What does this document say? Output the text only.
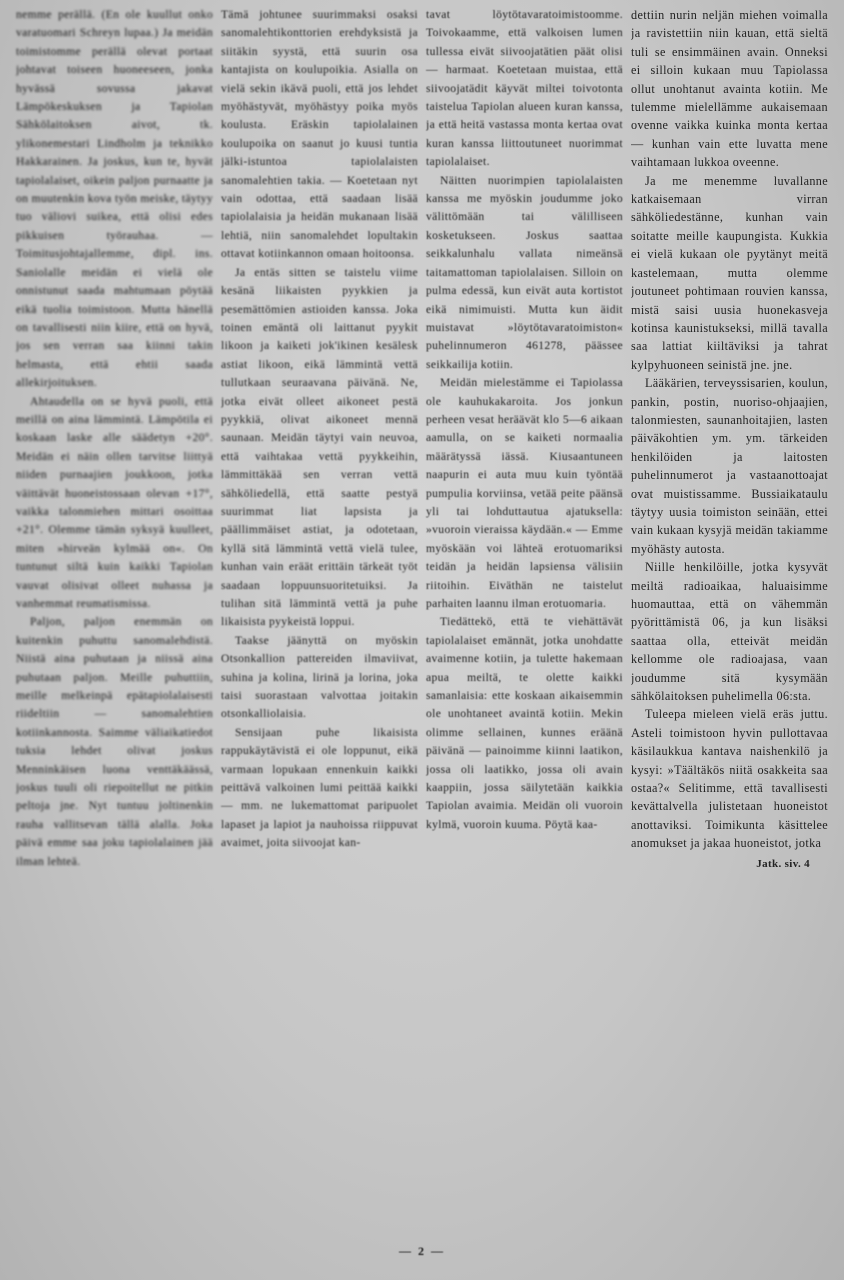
nemme perällä. (En ole kuullut onko varatuomari Schreyn lupaa.) Ja meidän toimistomme perällä olevat portaat johtavat toiseen huoneeseen, jonka hyvässä sovussa jakavat Lämpökeskuksen ja Tapiolan Sähkölaitoksen aivot, tk. ylikonemestari Lindholm ja teknikko Hakkarainen. Ja joskus, kun te, hyvät tapiolalaiset, oikein paljon purnaatte ja on muutenkin kova työn meiske, täytyy tuo väliovi suikea, että olisi edes pikkuisen työrauhaa. — Toimitusjohtajallemme, dipl. ins. Saniolalle meidän ei vielä ole onnistunut saada mahtumaan pöytää eikä tuolia toimistoon. Mutta hänellä on tavallisesti niin kiire, että on hyvä, jos sen verran saa kiinni takin helmasta, että ehtii saada allekirjoituksen.

Ahtaudella on se hyvä puoli, että meillä on aina lämmintä. Lämpötila ei koskaan laske alle säädetyn +20°. Meidän ei näin ollen tarvitse liittyä niiden purnaajien joukkoon, jotka väittävät huoneistossaan olevan +17°, vaikka talonmiehen mittari osoittaa +21°. Olemme tämän syksyä kuulleet, miten »hirveän kylmää on«. On tuntunut siltä kuin kaikki Tapiolan vauvat olisivat olleet nuhassa ja vanhemmat reumatismissa.

Paljon, paljon enemmän on kuitenkin puhuttu sanomalehdistä. Niistä aina puhutaan ja niissä aina puhutaan paljon. Meille puhuttiin, meille melkeinpä epätapiolalaisesti riideltiin — sanomalehtien kotiinkannosta. Saimme väliaikatiedot tuksia lehdet olivat joskus Menninkäisen luona venttäkäässä, joskus tuuli oli riepoitellut ne pitkin peltoja jne. Nyt tuntuu joltinenkin rauha vallitsevan tällä alalla. Joka päivä emme saa joku tapiolalainen jää ilman lehteä.

Tämä johtunee suurimmaksi osaksi sanomalehtikonttorien erehdyksistä ja siitäkin syystä, että suurin osa kantajista on koulupoikia. Asialla on vielä sekin ikävä puoli, että jos lehdet myöhästyvät, myöhästyy poika myös koulusta. Eräskin tapiolalainen koulupoika on saanut jo kuusi tuntia jälki-istuntoa tapiolalaisten sanomalehtien takia. — Koetetaan nyt vain odottaa, että saadaan lisää tapiolalaisia ja heidän mukanaan lisää lehtiä, niin sanomalehdet lopultakin ottavat kotiinkannon omaan hoitoonsa.

Ja entäs sitten se taistelu viime kesänä liikaisten pyykkien ja pesemättömien astioiden kanssa. Joka toinen emäntä oli laittanut pyykit likoon ja kaiketi jok'ikinen kesälesk astiat likoon, eikä lämmintä vettä tullutkaan seuraavana päivänä. Ne, jotka eivät olleet aikoneet pestä pyykkiä, olivat aikoneet mennä saunaan. Meidän täytyi vain neuvoa, että vaihtakaa vettä pyykkeihin, lämmittäkää sen verran vettä sähköliedellä, että saatte pestyä suurimmat liat lapsista ja päällimmäiset astiat, ja odotetaan, kyllä sitä lämmintä vettä vielä tulee, kunhan vain eräät erittäin tärkeät työt saadaan loppuunsuoritetuiksi. Ja tulihan sitä lämmintä vettä ja puhe likaisista pyykeistä loppui.

Taakse jäänyttä on myöskin Otsonkallion pattereiden ilmaviivat, suhina ja kolina, lirinä ja lorina, joka taisi suorastaan valvottaa joitakin otsonkalliolaisia.

Sensijaan puhe likaisista rappukäytävistä ei ole loppunut, eikä varmaan lopukaan ennenkuin kaikki peittävä valkoinen lumi peittää kaikki — mm. ne lukemattomat paripuolet lapaset ja lapiot ja nauhoissa riippuvat avaimet, joita siivoojat kan-

tavat löytötavaratoimistoomme. Toivokaamme, että valkoisen lumen tullessa eivät siivoojatätien päät olisi — harmaat. Koetetaan muistaa, että siivoojatädit käyvät miltei toivotonta taistelua Tapiolan alueen kuran kanssa, ja että heitä vastassa monta kertaa ovat kuran kanssa liittoutuneet nuorimmat tapiolalaiset.

Näitten nuorimpien tapiolalaisten kanssa me myöskin joudumme joko välittömään tai välilliseen kosketukseen. Joskus saattaa seikkalunhalu vallata nimeänsä taitamattoman tapiolalaisen. Silloin on pulma edessä, kun eivät auta kortistot eikä nimimuisti. Mutta kun äidit muistavat »löytötavaratoimiston« puhelinnumeron 461278, päässee seikkailija kotiin.

Meidän mielestämme ei Tapiolassa ole kauhukakaroita. Jos jonkun perheen vesat heräävät klo 5—6 aikaan aamulla, on se kaiketi normaalia määrätyssä iässä. Kiusaantuneen naapurin ei auta muu kuin työntää pumpulia korviinsa, vetää peite päänsä yli tai lohduttautua ajatuksella: »vuoroin vieraissa käydään.« — Emme myöskään voi lähteä erotuomariksi teidän ja heidän lapsiensa välisiin riitoihin. Eiväthän ne taistelut parhaiten laannu ilman erotuomaria.

Tiedättekö, että te viehättävät tapiolalaiset emännät, jotka unohdatte avaimenne kotiin, ja tulette hakemaan apua meiltä, te olette kaikki samanlaisia: ette koskaan aikaisemmin ole unohtaneet avaintä kotiin. Mekin olimme sellainen, kunnes eräänä päivänä — painoimme kiinni laatikon, jossa oli laatikko, jossa oli avain kaappiin, jossa säilytetään kaikkia Tapiolan avaimia. Meidän oli vuoroin kylmä, vuoroin kuuma. Pöytä kaa-

dettiin nurin neljän miehen voimalla ja ravistettiin niin kauan, että sieltä tuli se ensimmäinen avain. Onneksi ei silloin kukaan muu Tapiolassa ollut unohtanut avainta kotiin. Me tulemme mielellämme aukaisemaan ovenne vaikka kuinka monta kertaa — kunhan vain ette luvatta mene vaihtamaan lukkoa oveenne.

Ja me menemme luvallanne katkaisemaan virran sähköliedestänne, kunhan vain soitatte meille kaupungista. Kukkia ei vielä kukaan ole pyytänyt meitä kastelemaan, mutta olemme joutuneet pohtimaan rouvien kanssa, mistä saisi uusia huonekasveja kotinsa kaunistukseksi, millä tavalla saa lattiat kiiltäviksi ja tahrat kylpyhuoneen seinistä jne. jne.

Lääkärien, terveyssisarien, koulun, pankin, postin, nuoriso-ohjaajien, talonmiesten, saunanhoitajien, lasten päiväkohtien ym. ym. tärkeiden henkilöiden ja laitosten puhelinnumerot ja vastaanottoajat ovat muistissamme. Bussiaikataulu täytyy uusia toimiston seinään, ettei vain kukaan kysyjä meidän takiamme myöhästy autosta.

Niille henkilöille, jotka kysyvät meiltä radioaikaa, haluaisimme huomauttaa, että on vähemmän pyörittämistä 06, ja kun lisäksi saattaa olla, etteivät meidän kellomme ole radioajasa, vaan joudumme sitä kysymään sähkölaitoksen puhelimella 06:sta.

Tuleepa mieleen vielä eräs juttu. Asteli toimistoon hyvin pullottavaa käsilaukkua kantava naishenkilö ja kysyi: »Täältäkös niitä osakkeita saa ostaa?« Selitimme, että tavallisesti kevättalvella julistetaan huoneistot anottaviksi. Toimikunta käsittelee anomukset ja jakaa huoneistot, jotka

Jatk. siv. 4
— 2 —
